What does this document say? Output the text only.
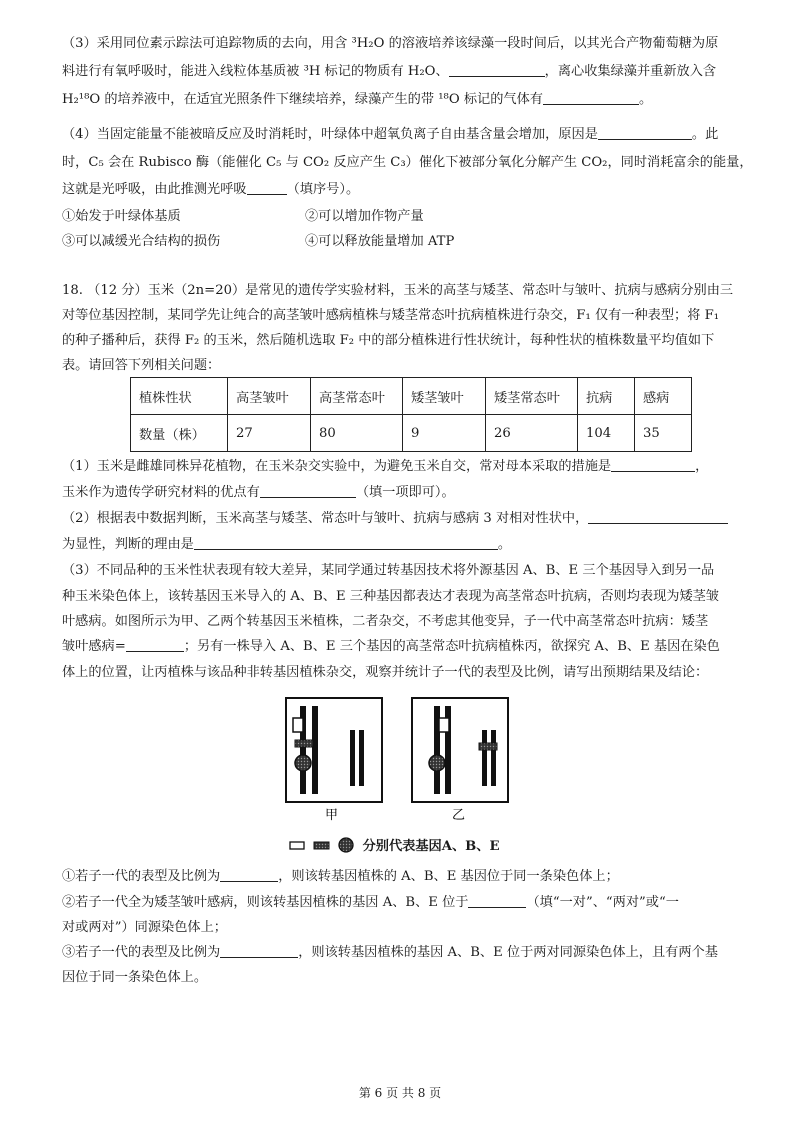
（3）采用同位素示踪法可追踪物质的去向，用含 ³H₂O 的溶液培养该绿藻一段时间后，以其光合产物葡萄糖为原
料进行有氧呼吸时，能进入线粒体基质被 ³H 标记的物质有 H₂O、	，离心收集绿藻并重新放入含
H₂¹⁸O 的培养液中，在适宜光照条件下继续培养，绿藻产生的带 ¹⁸O 标记的气体有	。
（4）当固定能量不能被暗反应及时消耗时，叶绿体中超氧负离子自由基含量会增加，原因是	。此
时，C₅ 会在 Rubisco 酶（能催化 C₅ 与 CO₂ 反应产生 C₃）催化下被部分氧化分解产生 CO₂，同时消耗富余的能量，
这就是光呼吸，由此推测光呼吸	（填序号）。
①始发于叶绿体基质	②可以增加作物产量
③可以减缓光合结构的损伤	④可以释放能量增加 ATP
18. （12 分）玉米（2n=20）是常见的遗传学实验材料，玉米的高茎与矮茎、常态叶与皱叶、抗病与感病分别由三
对等位基因控制，某同学先让纯合的高茎皱叶感病植株与矮茎常态叶抗病植株进行杂交，F₁ 仅有一种表型；将 F₁
的种子播种后，获得 F₂ 的玉米，然后随机选取 F₂ 中的部分植株进行性状统计，每种性状的植株数量平均值如下
表。请回答下列相关问题：
植株性状	高茎皱叶	高茎常态叶	矮茎皱叶	矮茎常态叶	抗病	感病
数量（株）	27	80	9	26	104	35
（1）玉米是雌雄同株异花植物，在玉米杂交实验中，为避免玉米自交，常对母本采取的措施是	，
玉米作为遗传学研究材料的优点有	（填一项即可）。
（2）根据表中数据判断，玉米高茎与矮茎、常态叶与皱叶、抗病与感病 3 对相对性状中，
为显性，判断的理由是	。
（3）不同品种的玉米性状表现有较大差异，某同学通过转基因技术将外源基因 A、B、E 三个基因导入到另一品
种玉米染色体上，该转基因玉米导入的 A、B、E 三种基因都表达才表现为高茎常态叶抗病，否则均表现为矮茎皱
叶感病。如图所示为甲、乙两个转基因玉米植株，二者杂交，不考虑其他变异，子一代中高茎常态叶抗病：矮茎
皱叶感病=	；另有一株导入 A、B、E 三个基因的高茎常态叶抗病植株丙，欲探究 A、B、E 基因在染色
体上的位置，让丙植株与该品种非转基因植株杂交，观察并统计子一代的表型及比例，请写出预期结果及结论：
甲	乙
分别代表基因A、B、E
①若子一代的表型及比例为	，则该转基因植株的 A、B、E 基因位于同一条染色体上；
②若子一代全为矮茎皱叶感病，则该转基因植株的基因 A、B、E 位于	（填“一对”、“两对”或“一
对或两对”）同源染色体上；
③若子一代的表型及比例为	，则该转基因植株的基因 A、B、E 位于两对同源染色体上，且有两个基
因位于同一条染色体上。
第 6 页 共 8 页
